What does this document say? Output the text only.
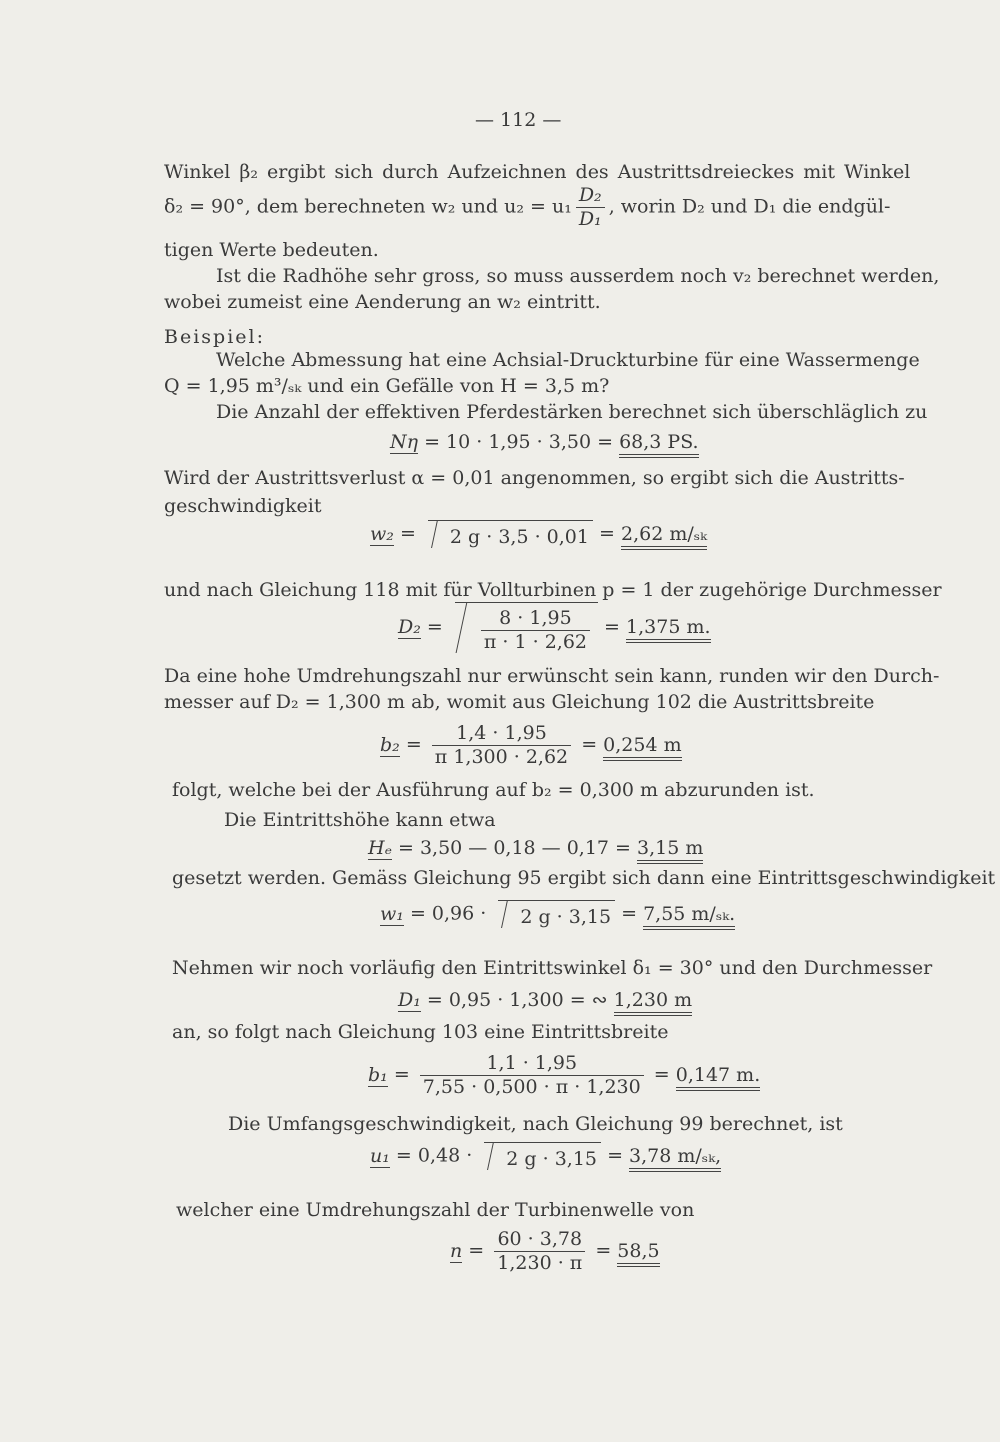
— 112 —
Winkel β₂ ergibt sich durch Aufzeichnen des Austrittsdreieckes mit Winkel
δ₂ = 90°, dem berechneten w₂ und $u_2 = u_1 \frac{\text{D₂}}{\text{D₁}}$ , worin D₂ und D₁ die endgül-
tigen Werte bedeuten.
Ist die Radhöhe sehr gross, so muss ausserdem noch v₂ berechnet werden,
wobei zumeist eine Aenderung an w₂ eintritt.
Beispiel:
Welche Abmessung hat eine Achsial-Druckturbine für eine Wassermenge
Q = 1,95 m³/ₛₖ und ein Gefälle von H = 3,5 m?
Die Anzahl der effektiven Pferdestärken berechnet sich überschläglich zu
Nη = 10 · 1,95 · 3,50 = 68,3 PS.
Wird der Austrittsverlust α = 0,01 angenommen, so ergibt sich die Austritts-
geschwindigkeit
w₂ = 2 g · 3,5 · 0,01 = 2,62 m/ₛₖ
und nach Gleichung 118 mit für Vollturbinen p = 1 der zugehörige Durchmesser
$D_2 = \frac{8 \cdot 1,95}{\pi \cdot 1 \cdot 2,62} = 1,375$ m.
Da eine hohe Umdrehungszahl nur erwünscht sein kann, runden wir den Durch-
messer auf D₂ = 1,300 m ab, womit aus Gleichung 102 die Austrittsbreite
$b_2 = \frac{1,4 \cdot 1,95}{\pi 1,300 \cdot 2,62} = 0,254$ m
folgt, welche bei der Ausführung auf b₂ = 0,300 m abzurunden ist.
Die Eintrittshöhe kann etwa
Hₑ = 3,50 — 0,18 — 0,17 = 3,15 m
gesetzt werden. Gemäss Gleichung 95 ergibt sich dann eine Eintrittsgeschwindigkeit
w₁ = 0,96 · 2 g · 3,15 = 7,55 m/ₛₖ.
Nehmen wir noch vorläufig den Eintrittswinkel δ₁ = 30° und den Durchmesser
D₁ = 0,95 · 1,300 = ∾ 1,230 m
an, so folgt nach Gleichung 103 eine Eintrittsbreite
$b_1 = \frac{1,1 \cdot 1,95}{7,55 \cdot 0,500 \cdot \pi \cdot 1,230} = 0,147$ m.
Die Umfangsgeschwindigkeit, nach Gleichung 99 berechnet, ist
u₁ = 0,48 · 2 g · 3,15 = 3,78 m/ₛₖ,
welcher eine Umdrehungszahl der Turbinenwelle von
$n = \frac{60 \cdot 3,78}{1,230 \cdot \pi} = 58,5$
